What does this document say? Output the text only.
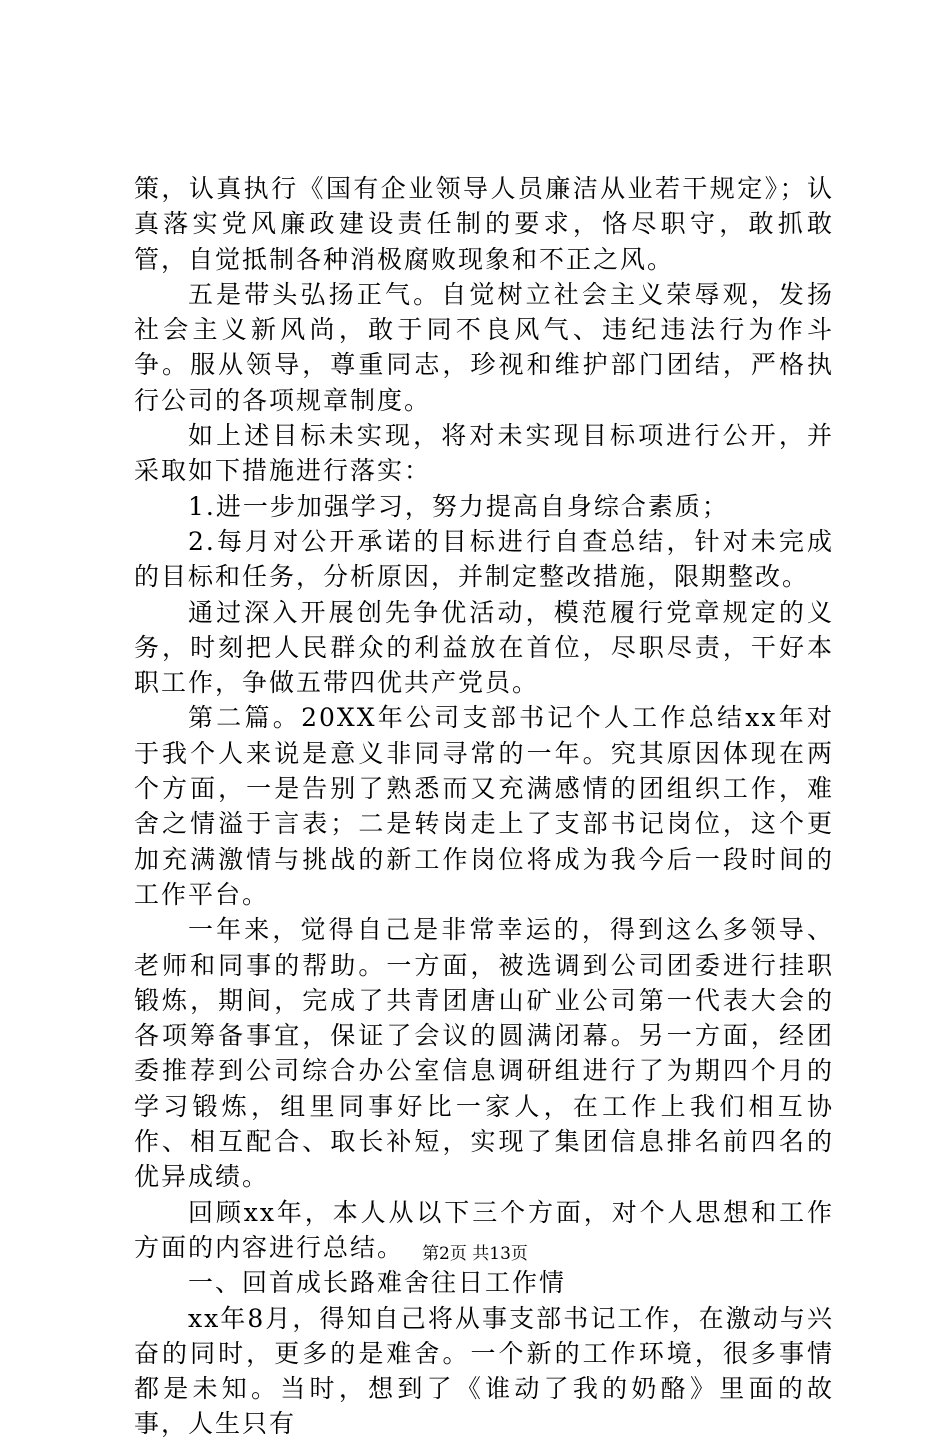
策，认真执行《国有企业领导人员廉洁从业若干规定》；认真落实党风廉政建设责任制的要求，恪尽职守，敢抓敢管，自觉抵制各种消极腐败现象和不正之风。

五是带头弘扬正气。自觉树立社会主义荣辱观，发扬社会主义新风尚，敢于同不良风气、违纪违法行为作斗争。服从领导，尊重同志，珍视和维护部门团结，严格执行公司的各项规章制度。

如上述目标未实现，将对未实现目标项进行公开，并采取如下措施进行落实：

1.进一步加强学习，努力提高自身综合素质；

2.每月对公开承诺的目标进行自查总结，针对未完成的目标和任务，分析原因，并制定整改措施，限期整改。

通过深入开展创先争优活动，模范履行党章规定的义务，时刻把人民群众的利益放在首位，尽职尽责，干好本职工作，争做五带四优共产党员。

第二篇。20XX年公司支部书记个人工作总结xx年对于我个人来说是意义非同寻常的一年。究其原因体现在两个方面，一是告别了熟悉而又充满感情的团组织工作，难舍之情溢于言表；二是转岗走上了支部书记岗位，这个更加充满激情与挑战的新工作岗位将成为我今后一段时间的工作平台。

一年来，觉得自己是非常幸运的，得到这么多领导、老师和同事的帮助。一方面，被选调到公司团委进行挂职锻炼，期间，完成了共青团唐山矿业公司第一代表大会的各项筹备事宜，保证了会议的圆满闭幕。另一方面，经团委推荐到公司综合办公室信息调研组进行了为期四个月的学习锻炼，组里同事好比一家人，在工作上我们相互协作、相互配合、取长补短，实现了集团信息排名前四名的优异成绩。

回顾xx年，本人从以下三个方面，对个人思想和工作方面的内容进行总结。

一、回首成长路难舍往日工作情

xx年8月，得知自己将从事支部书记工作，在激动与兴奋的同时，更多的是难舍。一个新的工作环境，很多事情都是未知。当时，想到了《谁动了我的奶酪》里面的故事，人生只有

第2页 共13页
